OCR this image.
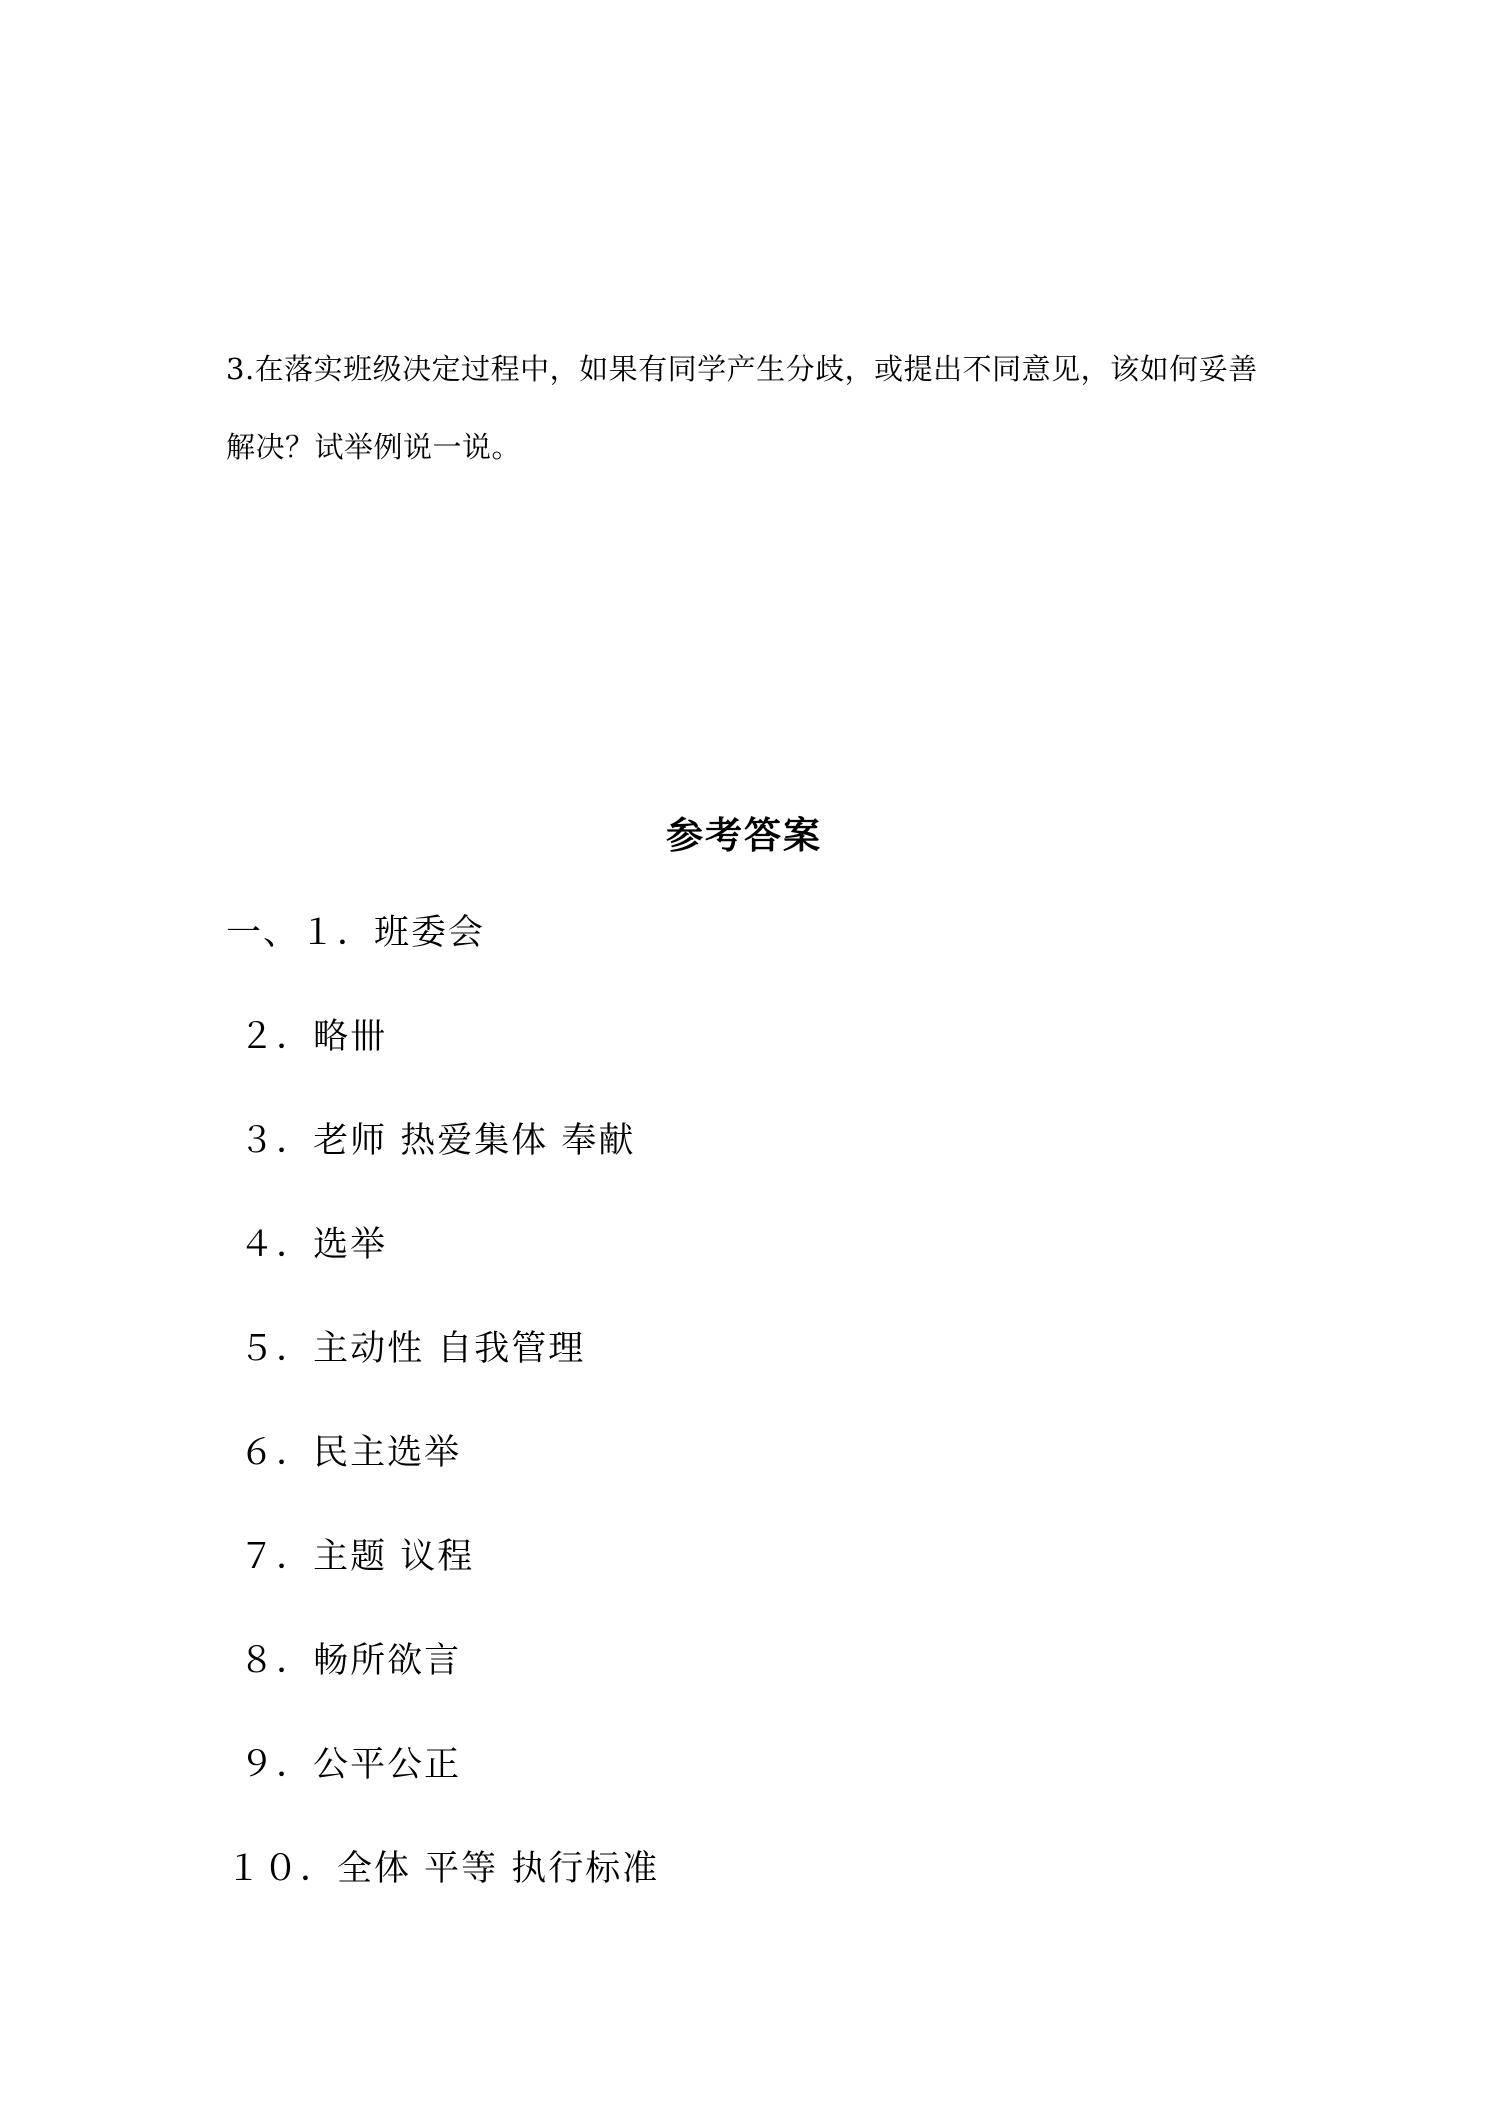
3.在落实班级决定过程中，如果有同学产生分歧，或提出不同意见，该如何妥善
解决？试举例说一说。
参考答案
一、１．班委会
２．略卌
３．老师 热爱集体 奉献
４．选举
５．主动性 自我管理
６．民主选举
７．主题 议程
８．畅所欲言
９．公平公正
１０．全体 平等 执行标准
